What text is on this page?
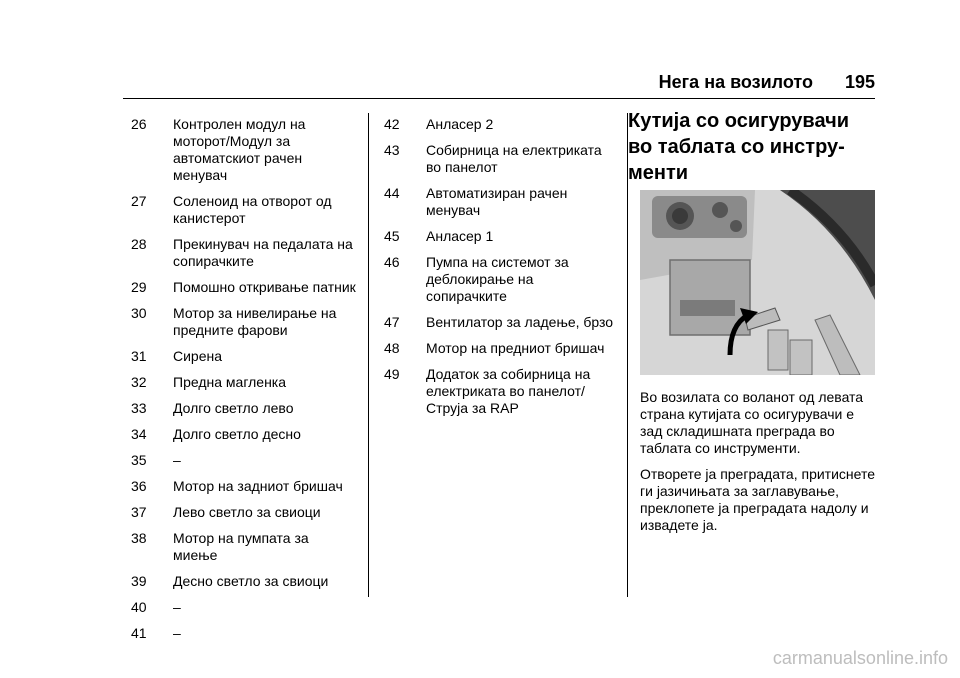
Нега на возилото 195
26	Контролен модул на моторот/Модул за автоматскиот рачен менувач
27	Соленоид на отворот од канистерот
28	Прекинувач на педалата на сопирачките
29	Помошно откривање патник
30	Мотор за нивелирање на предните фарови
31	Сирена
32	Предна магленка
33	Долго светло лево
34	Долго светло десно
35	–
36	Мотор на задниот бришач
37	Лево светло за свиоци
38	Мотор на пумпата за миење
39	Десно светло за свиоци
40	–
41	–
42	Анласер 2
43	Собирница на електриката во панелот
44	Автоматизиран рачен менувач
45	Анласер 1
46	Пумпа на системот за деблокирање на сопирачките
47	Вентилатор за ладење, брзо
48	Мотор на предниот бришач
49	Додаток за собирница на електриката во панелот/Струја за RAP
Кутија со осигурувачи
во таблата со инстру-
менти

Во возилата со воланот од левата страна кутијата со осигурувачи е зад складишната преграда во таблата со инструменти.

Отворете ја преградата, притиснете ги јазичињата за заглавување, преклопете ја преградата надолу и извадете ја.

carmanualsonline.info
